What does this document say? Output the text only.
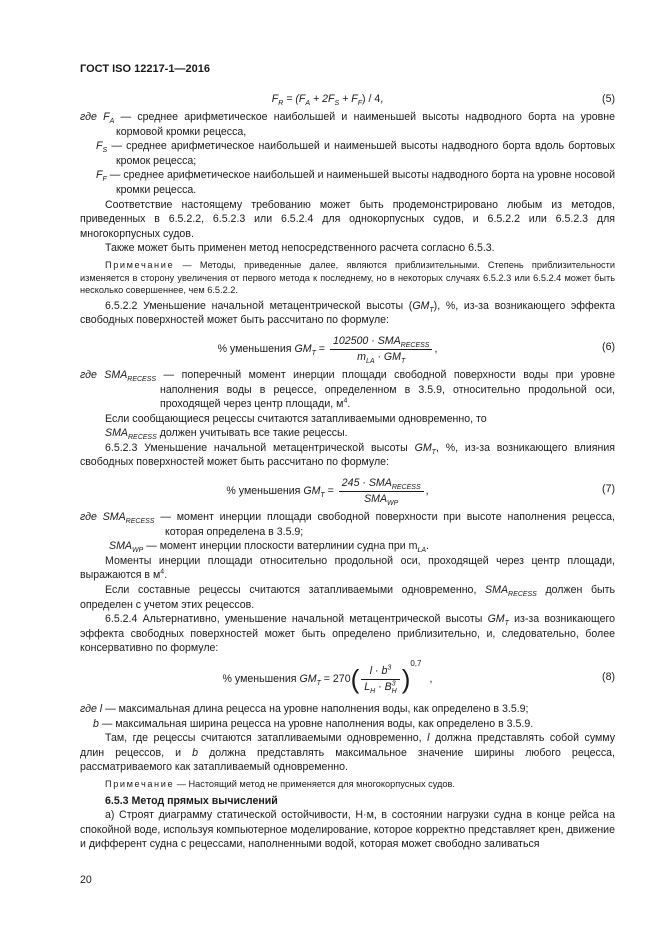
ГОСТ ISO 12217-1—2016
$F_R = (F_A + 2F_S + F_F) / 4$,	(5)
где $F_A$ — среднее арифметическое наибольшей и наименьшей высоты надводного борта на уровне кормовой кромки рецесса,
$F_S$ — среднее арифметическое наибольшей и наименьшей высоты надводного борта вдоль бортовых кромок рецесса;
$F_F$ — среднее арифметическое наибольшей и наименьшей высоты надводного борта на уровне носовой кромки рецесса.

Соответствие настоящему требованию может быть продемонстрировано любым из методов, приведенных в 6.5.2.2, 6.5.2.3 или 6.5.2.4 для однокорпусных судов, и 6.5.2.2 или 6.5.2.3 для многокорпусных судов.

Также может быть применен метод непосредственного расчета согласно 6.5.3.

Примечание — Методы, приведенные далее, являются приблизительными. Степень приблизительности изменяется в сторону увеличения от первого метода к последнему, но в некоторых случаях 6.5.2.3 или 6.5.2.4 может быть несколько совершеннее, чем 6.5.2.2.

6.5.2.2 Уменьшение начальной метацентрической высоты $(GM_T)$, %, из-за возникающего эффекта свободных поверхностей может быть рассчитано по формуле:

% уменьшения $GM_T = \frac{102500 \cdot SMA_{RECESS}}{m_{LA} \cdot GM_T}$ ,	(6)
где $SMA_{RECESS}$ — поперечный момент инерции площади свободной поверхности воды при уровне наполнения воды в рецессе, определенном в 3.5.9, относительно продольной оси, проходящей через центр площади, $м^4$.

Если сообщающиеся рецессы считаются затапливаемыми одновременно, то

$SMA_{RECESS}$ должен учитывать все такие рецессы.

6.5.2.3 Уменьшение начальной метацентрической высоты $GM_T$, %, из-за возникающего влияния свободных поверхностей может быть рассчитано по формуле:

% уменьшения $GM_T = \frac{245 \cdot SMA_{RECESS}}{SMA_{WP}}$ ,	(7)
где $SMA_{RECESS}$ — момент инерции площади свободной поверхности при высоте наполнения рецесса, которая определена в 3.5.9;
$SMA_{WP}$ — момент инерции плоскости ватерлинии судна при $m_{LA}$.

Моменты инерции площади относительно продольной оси, проходящей через центр площади, выражаются в $м^4$.

Если составные рецессы считаются затапливаемыми одновременно, $SMA_{RECESS}$ должен быть определен с учетом этих рецессов.

6.5.2.4 Альтернативно, уменьшение начальной метацентрической высоты $GM_T$ из-за возникающего эффекта свободных поверхностей может быть определено приблизительно, и, следовательно, более консервативно по формуле:

% уменьшения $GM_T = 270( \frac{l \cdot b^3}{L_H \cdot B^3_H} )^{0,7}$,	(8)
где l — максимальная длина рецесса на уровне наполнения воды, как определено в 3.5.9;
b — максимальная ширина рецесса на уровне наполнения воды, как определено в 3.5.9.

Там, где рецессы считаются затапливаемыми одновременно, l должна представлять собой сумму длин рецессов, и b должна представлять максимальное значение ширины любого рецесса, рассматриваемого как затапливаемый одновременно.

Примечание — Настоящий метод не применяется для многокорпусных судов.

6.5.3 Метод прямых вычислений

а) Строят диаграмму статической остойчивости, Н·м, в состоянии нагрузки судна в конце рейса на спокойной воде, используя компьютерное моделирование, которое корректно представляет крен, движение и дифферент судна с рецессами, наполненными водой, которая может свободно заливаться

20
